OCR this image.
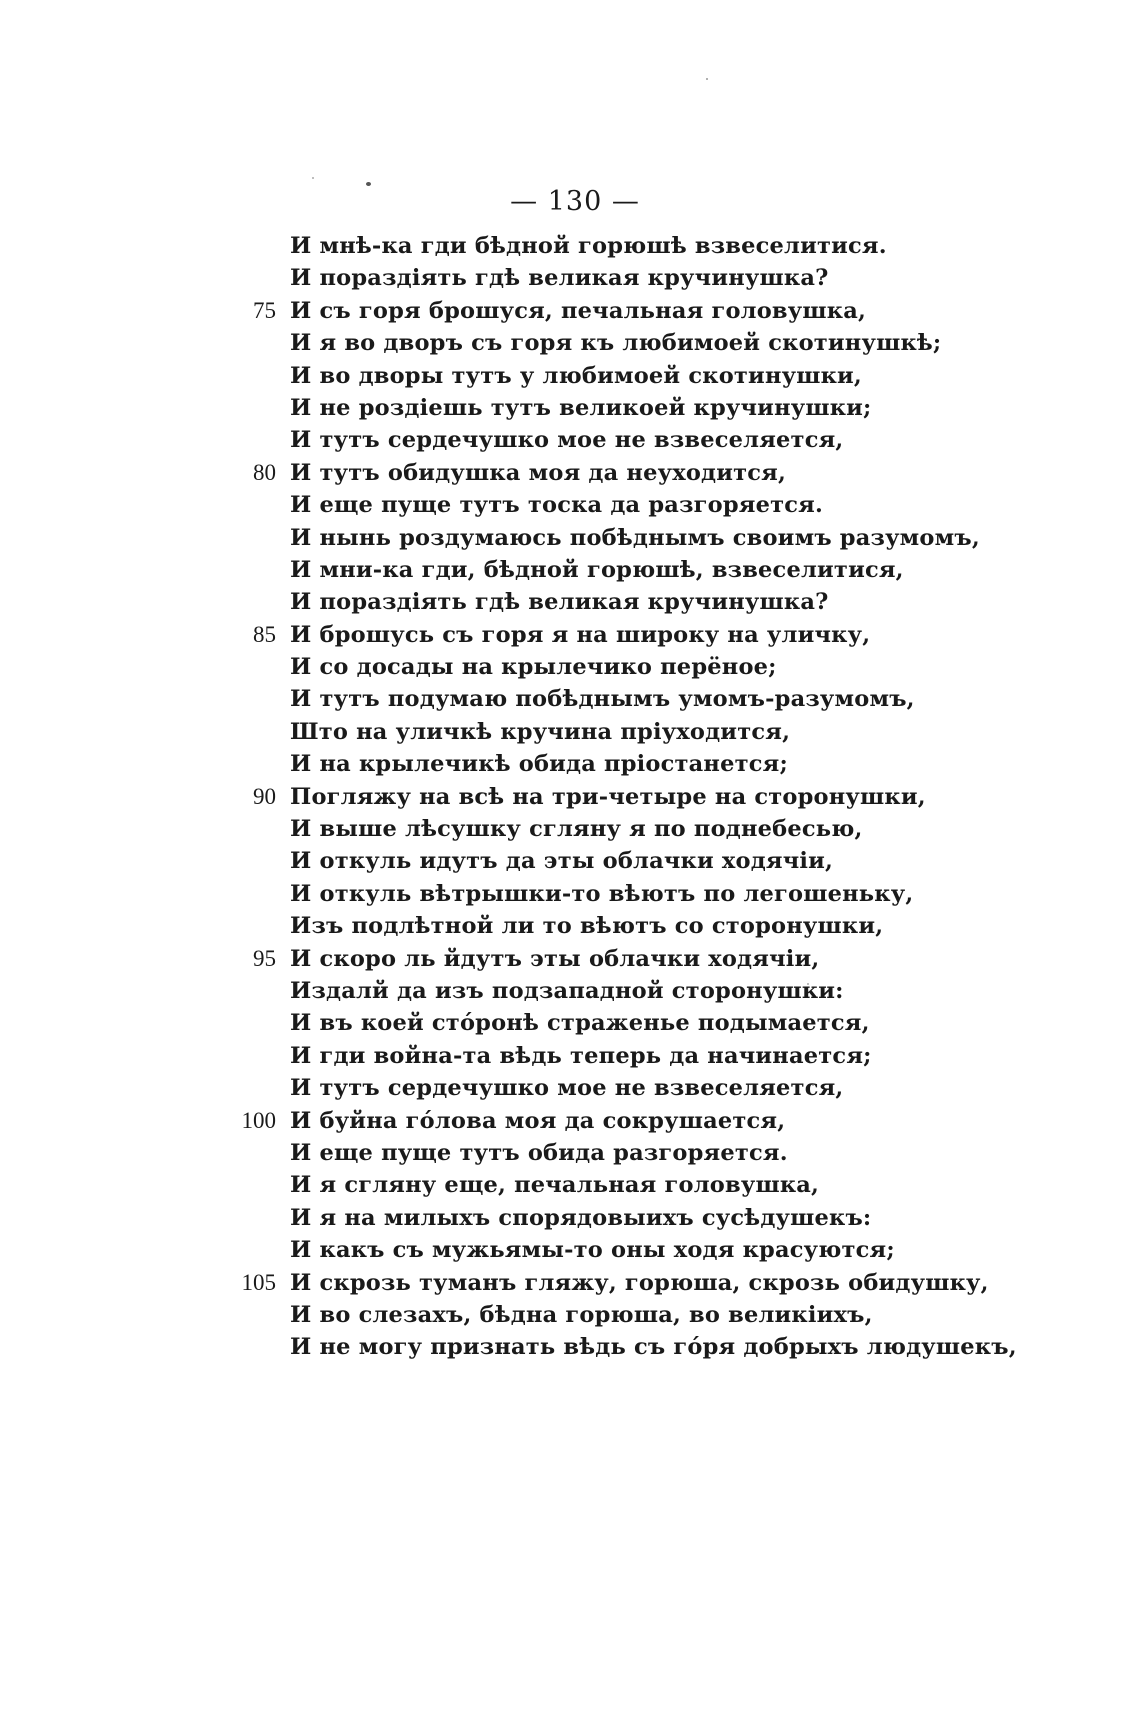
— 130 —
И мнѣ-ка гди бѣдной горюшѣ взвеселитися.
И пораздіять гдѣ великая кручинушка?
75 И съ горя брошуся, печальная головушка,
И я во дворъ съ горя къ любимоей скотинушкѣ;
И во дворы тутъ у любимоей скотинушки,
И не роздіешь тутъ великоей кручинушки;
И тутъ сердечушко мое не взвеселяется,
80 И тутъ обидушка моя да неуходится,
И еще пуще тутъ тоска да разгоряется.
И нынь роздумаюсь побѣднымъ своимъ разумомъ,
И мни-ка гди, бѣдной горюшѣ, взвеселитися,
И пораздіять гдѣ великая кручинушка?
85 И брошусь съ горя я на широку на уличку,
И со досады на крылечико перёное;
И тутъ подумаю побѣднымъ умомъ-разумомъ,
Што на уличкѣ кручина пріуходится,
И на крылечикѣ обида пріостанется;
90 Погляжу на всѣ на три-четыре на сторонушки,
И выше лѣсушку сгляну я по поднебесью,
И откуль идутъ да эты облачки ходячіи,
И откуль вѣтрышки-то вѣютъ по легошеньку,
Изъ подлѣтной ли то вѣютъ со сторонушки,
95 И скоро ль йдутъ эты облачки ходячіи,
Издалй да изъ подзападной сторонушки:
И въ коей стóронѣ страженье подымается,
И гди война-та вѣдь теперь да начинается;
И тутъ сердечушко мое не взвеселяется,
100 И буйна гóлова моя да сокрушается,
И еще пуще тутъ обида разгоряется.
И я сгляну еще, печальная головушка,
И я на милыхъ спорядовыихъ сусѣдушекъ:
И какъ съ мужьямы-то оны ходя красуются;
105 И скрозь туманъ гляжу, горюша, скрозь обидушку,
И во слезахъ, бѣдна горюша, во великіихъ,
И не могу признать вѣдь съ гóря добрыхъ людушекъ,
